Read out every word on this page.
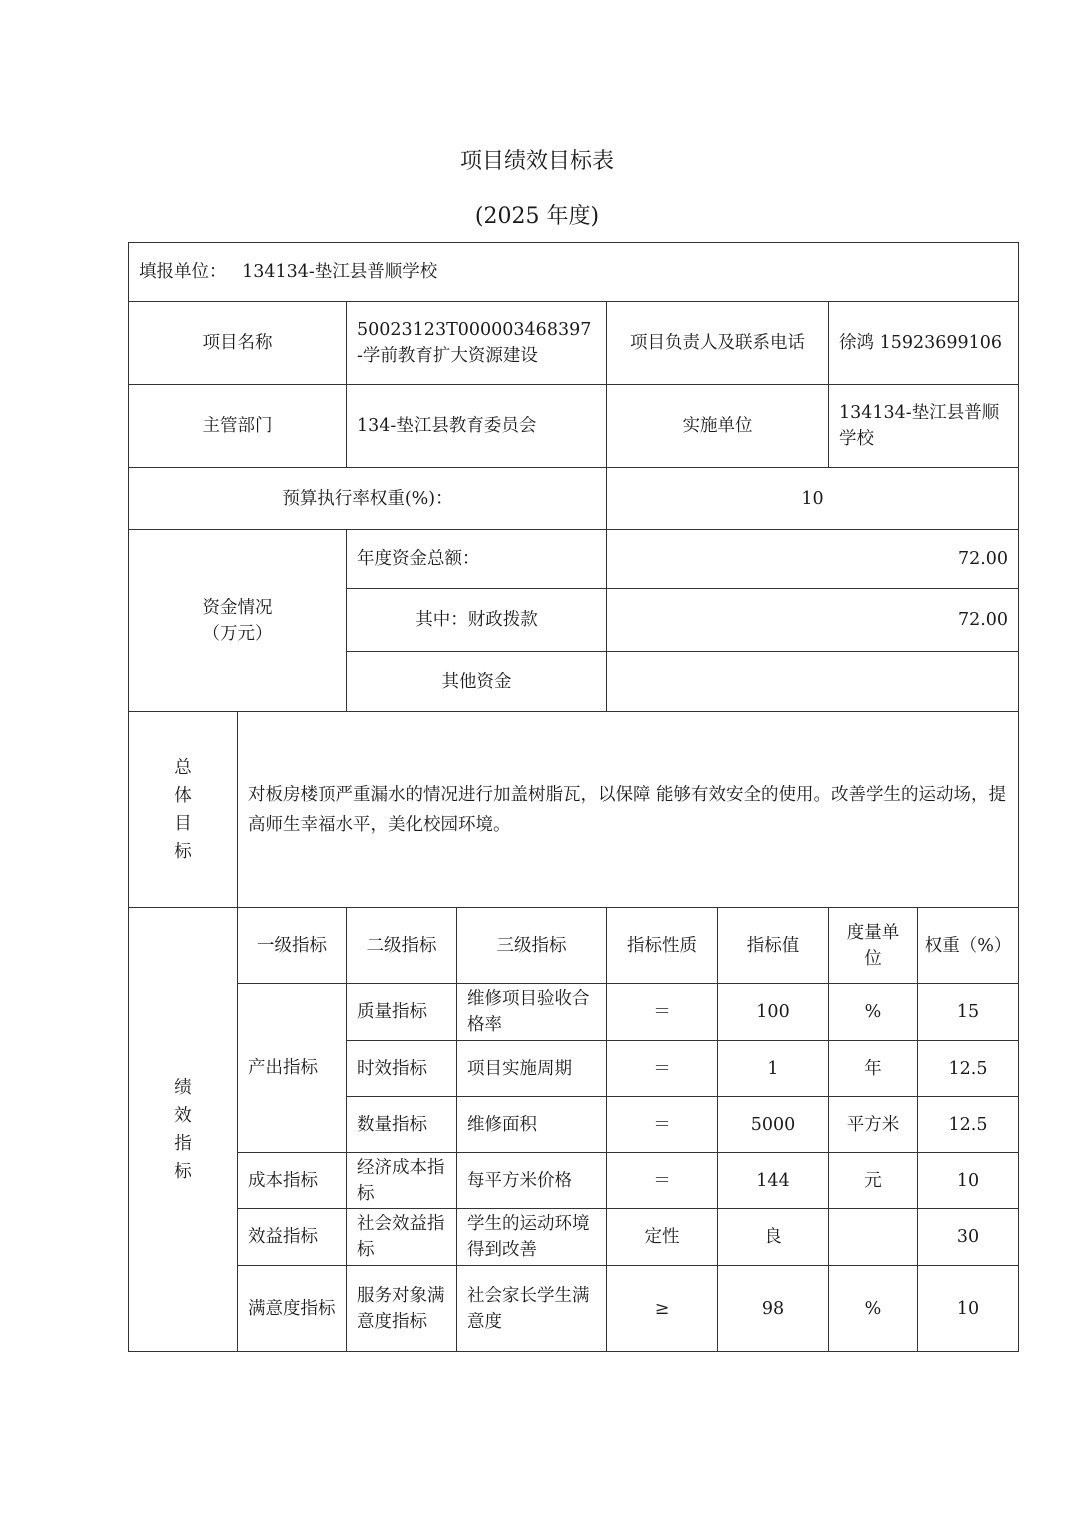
项目绩效目标表
(2025 年度)
填报单位： 134134-垫江县普顺学校							
项目名称		50023123T000003468397-学前教育扩大资源建设		项目负责人及联系电话		徐鸿 15923699106	
主管部门		134-垫江县教育委员会		实施单位		134134-垫江县普顺学校	
预算执行率权重(%)：				10			

资金情况
（万元）		年度资金总额：		72.00			
		其中：财政拨款		72.00			
		其他资金					

总
体
目
标	对板房楼顶严重漏水的情况进行加盖树脂瓦，以保障 能够有效安全的使用。改善学生的运动场，提高师生幸福水平，美化校园环境。						

绩
效
指
标	一级指标	二级指标	三级指标	指标性质	指标值	度量单位	权重（%）
	产出指标	质量指标	维修项目验收合格率	＝	100	%	15
		时效指标	项目实施周期	＝	1	年	12.5
		数量指标	维修面积	＝	5000	平方米	12.5
	成本指标	经济成本指标	每平方米价格	＝	144	元	10
	效益指标	社会效益指标	学生的运动环境得到改善	定性	良		30
	满意度指标	服务对象满意度指标	社会家长学生满意度	≥	98	%	10
